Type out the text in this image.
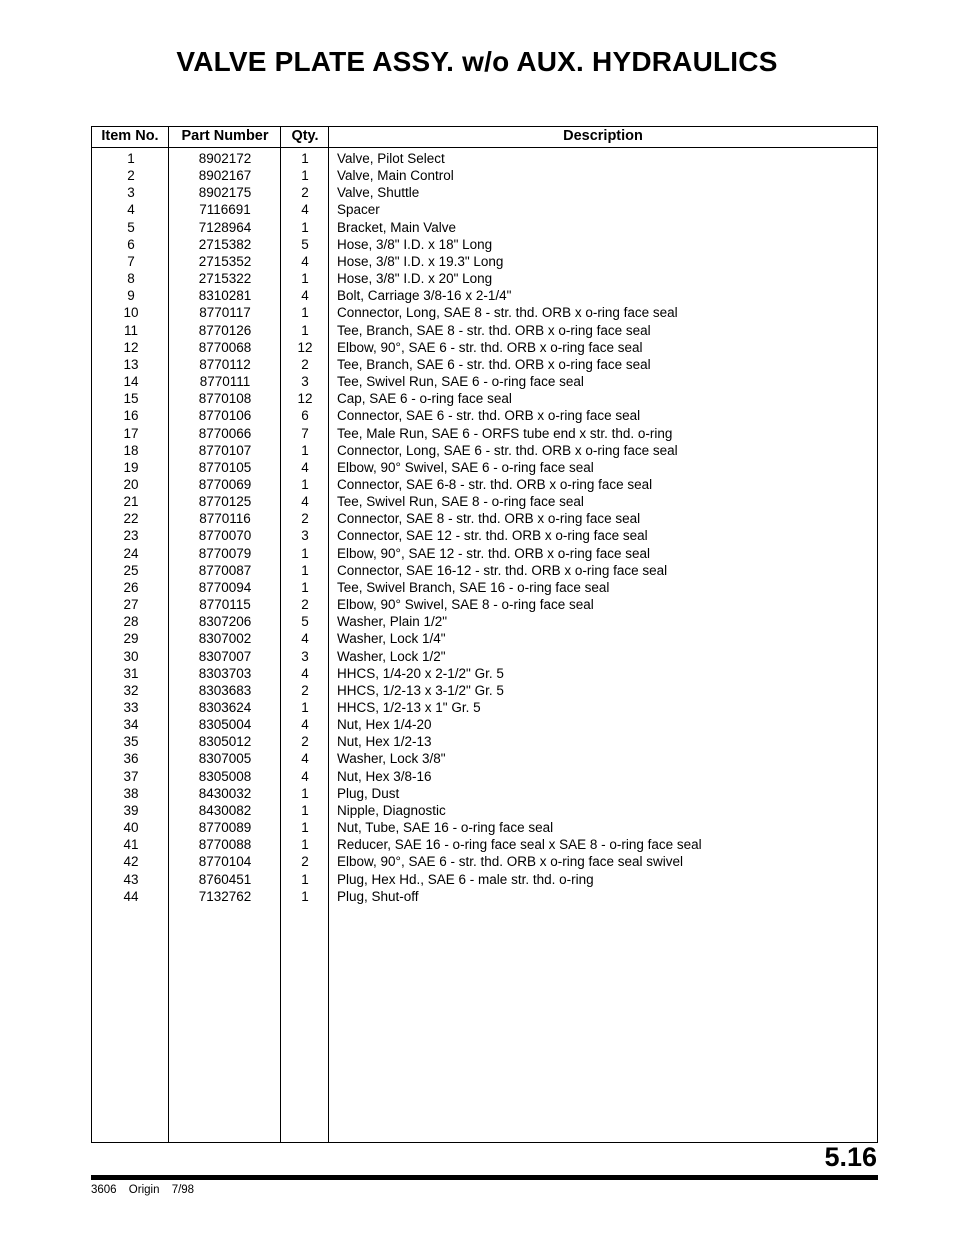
VALVE PLATE ASSY. w/o AUX. HYDRAULICS
Item No.
1
2
3
4
5
6
7
8
9
10
11
12
13
14
15
16
17
18
19
20
21
22
23
24
25
26
27
28
29
30
31
32
33
34
35
36
37
38
39
40
41
42
43
44
Part Number
8902172
8902167
8902175
7116691
7128964
2715382
2715352
2715322
8310281
8770117
8770126
8770068
8770112
8770111
8770108
8770106
8770066
8770107
8770105
8770069
8770125
8770116
8770070
8770079
8770087
8770094
8770115
8307206
8307002
8307007
8303703
8303683
8303624
8305004
8305012
8307005
8305008
8430032
8430082
8770089
8770088
8770104
8760451
7132762
Qty.
1
1
2
4
1
5
4
1
4
1
1
12
2
3
12
6
7
1
4
1
4
2
3
1
1
1
2
5
4
3
4
2
1
4
2
4
4
1
1
1
1
2
1
1
Description
Valve, Pilot Select
Valve, Main Control
Valve, Shuttle
Spacer
Bracket, Main Valve
Hose, 3/8" I.D. x 18" Long
Hose, 3/8" I.D. x 19.3" Long
Hose, 3/8" I.D. x 20" Long
Bolt, Carriage 3/8-16 x 2-1/4"
Connector, Long, SAE 8 - str. thd. ORB x o-ring face seal
Tee, Branch, SAE 8 - str. thd. ORB x o-ring face seal
Elbow, 90°, SAE 6 - str. thd. ORB x o-ring face seal
Tee, Branch, SAE 6 - str. thd. ORB x o-ring face seal
Tee, Swivel Run, SAE 6 - o-ring face seal
Cap, SAE 6 - o-ring face seal
Connector, SAE 6 - str. thd. ORB x o-ring face seal
Tee, Male Run, SAE 6 - ORFS tube end x str. thd. o-ring
Connector, Long, SAE 6 - str. thd. ORB x o-ring face seal
Elbow, 90° Swivel, SAE 6 - o-ring face seal
Connector, SAE 6-8 - str. thd. ORB x o-ring face seal
Tee, Swivel Run, SAE 8 - o-ring face seal
Connector, SAE 8 - str. thd. ORB x o-ring face seal
Connector, SAE 12 - str. thd. ORB x o-ring face seal
Elbow, 90°, SAE 12 - str. thd. ORB x o-ring face seal
Connector, SAE 16-12 - str. thd. ORB x o-ring face seal
Tee, Swivel Branch, SAE 16 - o-ring face seal
Elbow, 90° Swivel, SAE 8 - o-ring face seal
Washer, Plain 1/2"
Washer, Lock 1/4"
Washer, Lock 1/2"
HHCS, 1/4-20 x 2-1/2" Gr. 5
HHCS, 1/2-13 x 3-1/2" Gr. 5
HHCS, 1/2-13 x 1" Gr. 5
Nut, Hex 1/4-20
Nut, Hex 1/2-13
Washer, Lock 3/8"
Nut, Hex 3/8-16
Plug, Dust
Nipple, Diagnostic
Nut, Tube, SAE 16 - o-ring face seal
Reducer, SAE 16 - o-ring face seal x SAE 8 - o-ring face seal
Elbow, 90°, SAE 6 - str. thd. ORB x o-ring face seal swivel
Plug, Hex Hd., SAE 6 - male str. thd. o-ring
Plug, Shut-off
5.16
3606 Origin 7/98
